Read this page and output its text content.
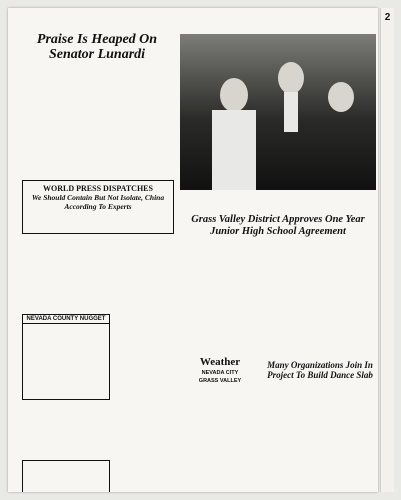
Praise Is Heaped On Senator Lunardi
WORLD PRESS DISPATCHES
We Should Contain But Not Isolate, China According To Experts
NEVADA COUNTY NUGGET
Grass Valley District Approves One Year Junior High School Agreement
Weather
NEVADA CITY
GRASS VALLEY
Many Organizations Join In Project To Build Dance Slab
2
